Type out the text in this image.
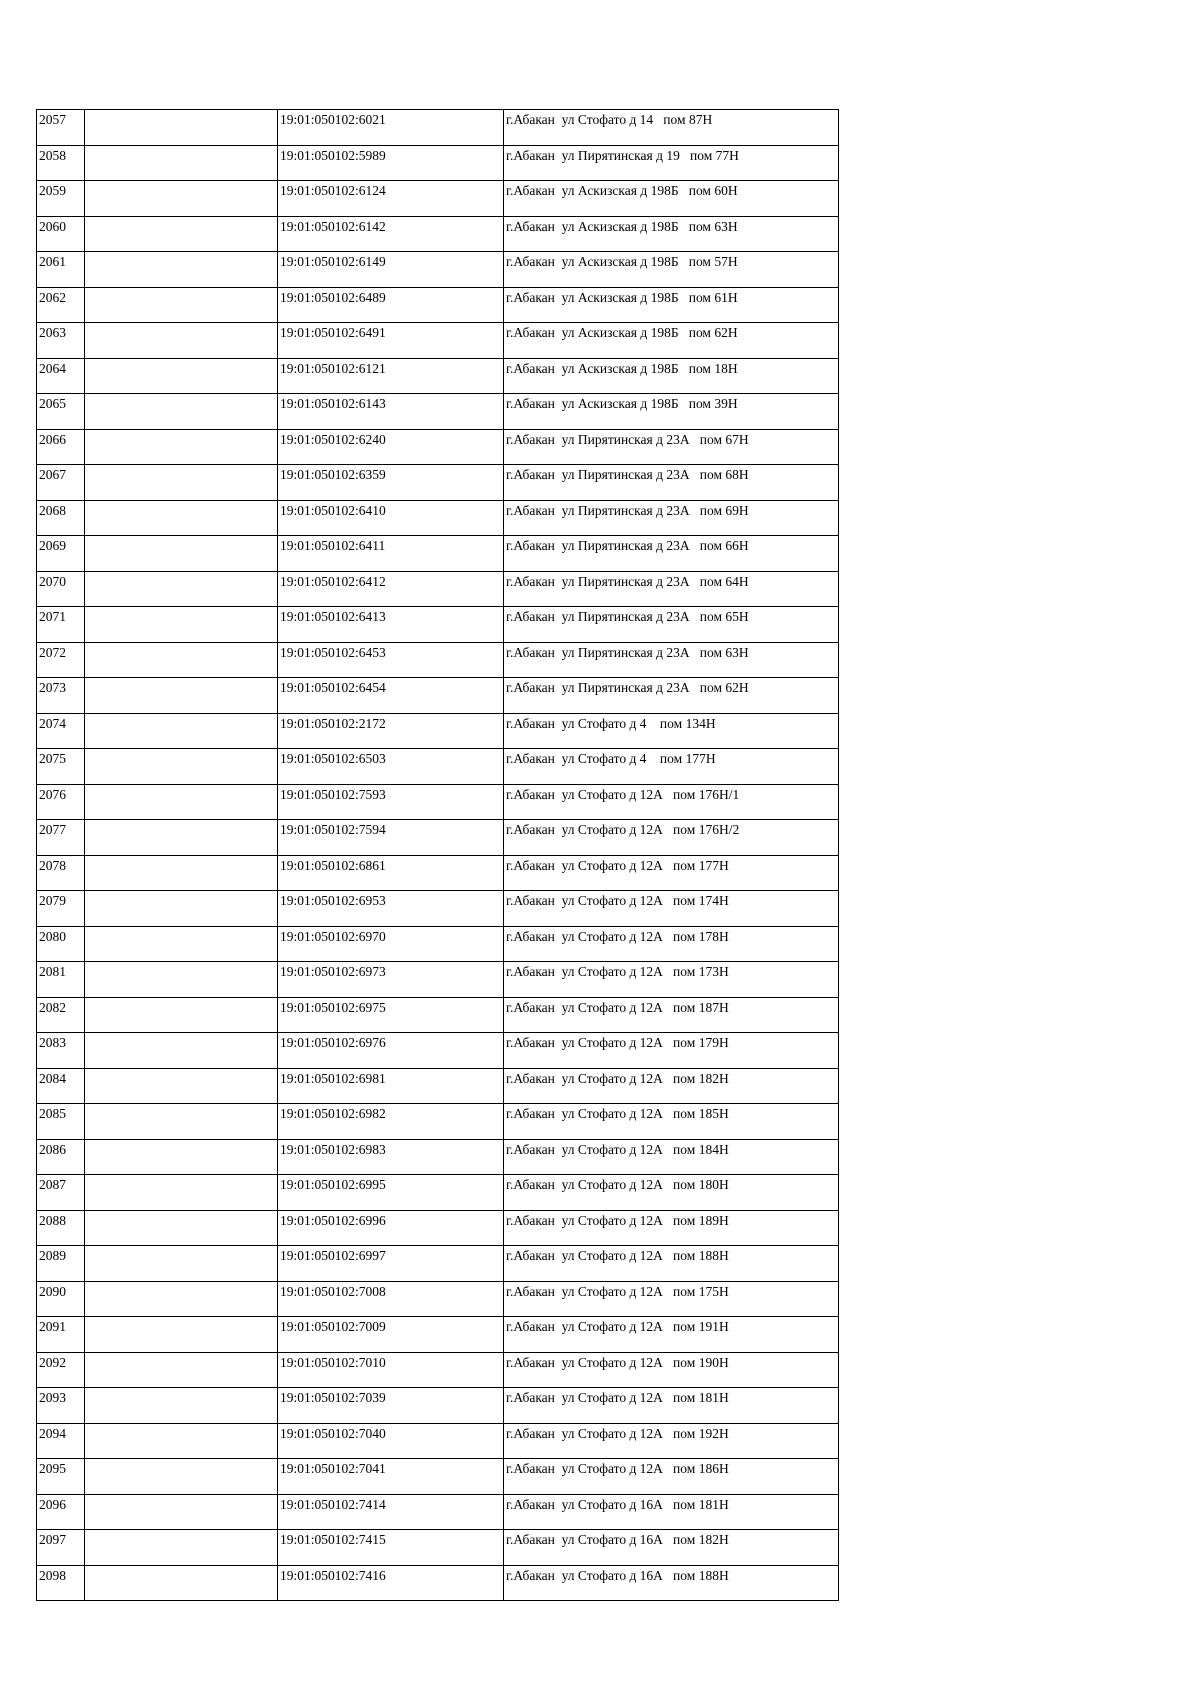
2057		19:01:050102:6021	г.Абакан  ул Стофато д 14   пом 87Н
2058		19:01:050102:5989	г.Абакан  ул Пирятинская д 19   пом 77Н
2059		19:01:050102:6124	г.Абакан  ул Аскизская д 198Б   пом 60Н
2060		19:01:050102:6142	г.Абакан  ул Аскизская д 198Б   пом 63Н
2061		19:01:050102:6149	г.Абакан  ул Аскизская д 198Б   пом 57Н
2062		19:01:050102:6489	г.Абакан  ул Аскизская д 198Б   пом 61Н
2063		19:01:050102:6491	г.Абакан  ул Аскизская д 198Б   пом 62Н
2064		19:01:050102:6121	г.Абакан  ул Аскизская д 198Б   пом 18Н
2065		19:01:050102:6143	г.Абакан  ул Аскизская д 198Б   пом 39Н
2066		19:01:050102:6240	г.Абакан  ул Пирятинская д 23А   пом 67Н
2067		19:01:050102:6359	г.Абакан  ул Пирятинская д 23А   пом 68Н
2068		19:01:050102:6410	г.Абакан  ул Пирятинская д 23А   пом 69Н
2069		19:01:050102:6411	г.Абакан  ул Пирятинская д 23А   пом 66Н
2070		19:01:050102:6412	г.Абакан  ул Пирятинская д 23А   пом 64Н
2071		19:01:050102:6413	г.Абакан  ул Пирятинская д 23А   пом 65Н
2072		19:01:050102:6453	г.Абакан  ул Пирятинская д 23А   пом 63Н
2073		19:01:050102:6454	г.Абакан  ул Пирятинская д 23А   пом 62Н
2074		19:01:050102:2172	г.Абакан  ул Стофато д 4    пом 134Н
2075		19:01:050102:6503	г.Абакан  ул Стофато д 4    пом 177Н
2076		19:01:050102:7593	г.Абакан  ул Стофато д 12А   пом 176Н/1
2077		19:01:050102:7594	г.Абакан  ул Стофато д 12А   пом 176Н/2
2078		19:01:050102:6861	г.Абакан  ул Стофато д 12А   пом 177Н
2079		19:01:050102:6953	г.Абакан  ул Стофато д 12А   пом 174Н
2080		19:01:050102:6970	г.Абакан  ул Стофато д 12А   пом 178Н
2081		19:01:050102:6973	г.Абакан  ул Стофато д 12А   пом 173Н
2082		19:01:050102:6975	г.Абакан  ул Стофато д 12А   пом 187Н
2083		19:01:050102:6976	г.Абакан  ул Стофато д 12А   пом 179Н
2084		19:01:050102:6981	г.Абакан  ул Стофато д 12А   пом 182Н
2085		19:01:050102:6982	г.Абакан  ул Стофато д 12А   пом 185Н
2086		19:01:050102:6983	г.Абакан  ул Стофато д 12А   пом 184Н
2087		19:01:050102:6995	г.Абакан  ул Стофато д 12А   пом 180Н
2088		19:01:050102:6996	г.Абакан  ул Стофато д 12А   пом 189Н
2089		19:01:050102:6997	г.Абакан  ул Стофато д 12А   пом 188Н
2090		19:01:050102:7008	г.Абакан  ул Стофато д 12А   пом 175Н
2091		19:01:050102:7009	г.Абакан  ул Стофато д 12А   пом 191Н
2092		19:01:050102:7010	г.Абакан  ул Стофато д 12А   пом 190Н
2093		19:01:050102:7039	г.Абакан  ул Стофато д 12А   пом 181Н
2094		19:01:050102:7040	г.Абакан  ул Стофато д 12А   пом 192Н
2095		19:01:050102:7041	г.Абакан  ул Стофато д 12А   пом 186Н
2096		19:01:050102:7414	г.Абакан  ул Стофато д 16А   пом 181Н
2097		19:01:050102:7415	г.Абакан  ул Стофато д 16А   пом 182Н
2098		19:01:050102:7416	г.Абакан  ул Стофато д 16А   пом 188Н
